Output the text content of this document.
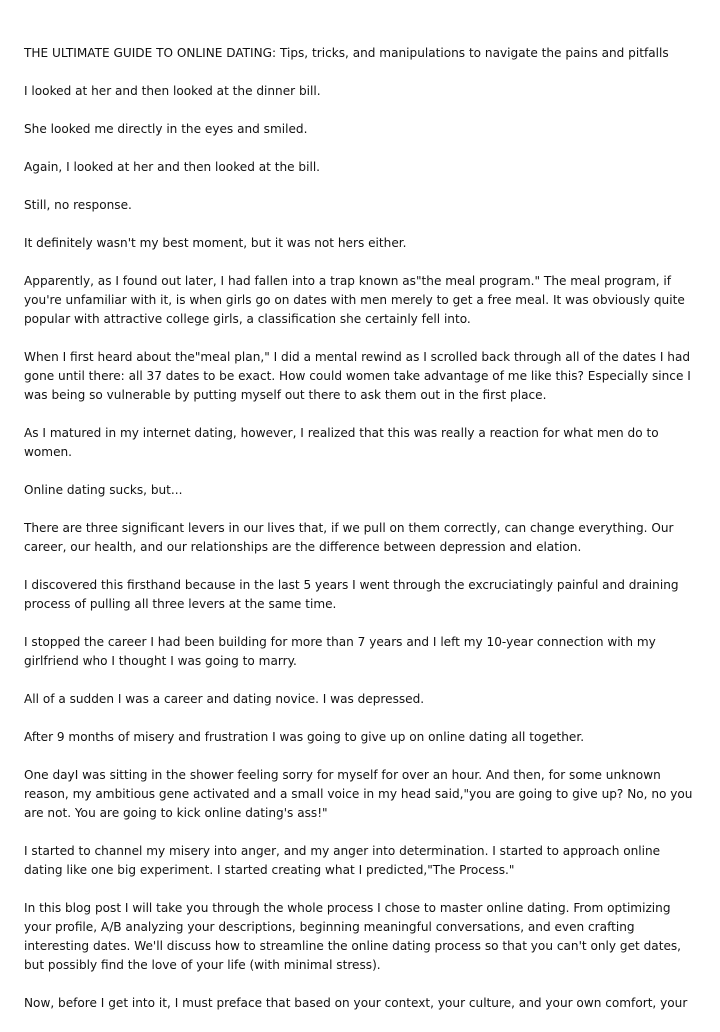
THE ULTIMATE GUIDE TO ONLINE DATING: Tips, tricks, and manipulations to navigate the pains and pitfalls

I looked at her and then looked at the dinner bill.

She looked me directly in the eyes and smiled.

Again, I looked at her and then looked at the bill.

Still, no response.

It definitely wasn't my best moment, but it was not hers either.

Apparently, as I found out later, I had fallen into a trap known as"the meal program." The meal program, if you're unfamiliar with it, is when girls go on dates with men merely to get a free meal. It was obviously quite popular with attractive college girls, a classification she certainly fell into.

When I first heard about the"meal plan," I did a mental rewind as I scrolled back through all of the dates I had gone until there: all 37 dates to be exact. How could women take advantage of me like this? Especially since I was being so vulnerable by putting myself out there to ask them out in the first place.

As I matured in my internet dating, however, I realized that this was really a reaction for what men do to women.

Online dating sucks, but...

There are three significant levers in our lives that, if we pull on them correctly, can change everything. Our career, our health, and our relationships are the difference between depression and elation.

I discovered this firsthand because in the last 5 years I went through the excruciatingly painful and draining process of pulling all three levers at the same time.

I stopped the career I had been building for more than 7 years and I left my 10-year connection with my girlfriend who I thought I was going to marry.

All of a sudden I was a career and dating novice. I was depressed.

After 9 months of misery and frustration I was going to give up on online dating all together.

One dayI was sitting in the shower feeling sorry for myself for over an hour. And then, for some unknown reason, my ambitious gene activated and a small voice in my head said,"you are going to give up? No, no you are not. You are going to kick online dating's ass!"

I started to channel my misery into anger, and my anger into determination. I started to approach online dating like one big experiment. I started creating what I predicted,"The Process."

In this blog post I will take you through the whole process I chose to master online dating. From optimizing your profile, A/B analyzing your descriptions, beginning meaningful conversations, and even crafting interesting dates. We'll discuss how to streamline the online dating process so that you can't only get dates, but possibly find the love of your life (with minimal stress).

Now, before I get into it, I must preface that based on your context, your culture, and your own comfort, your
